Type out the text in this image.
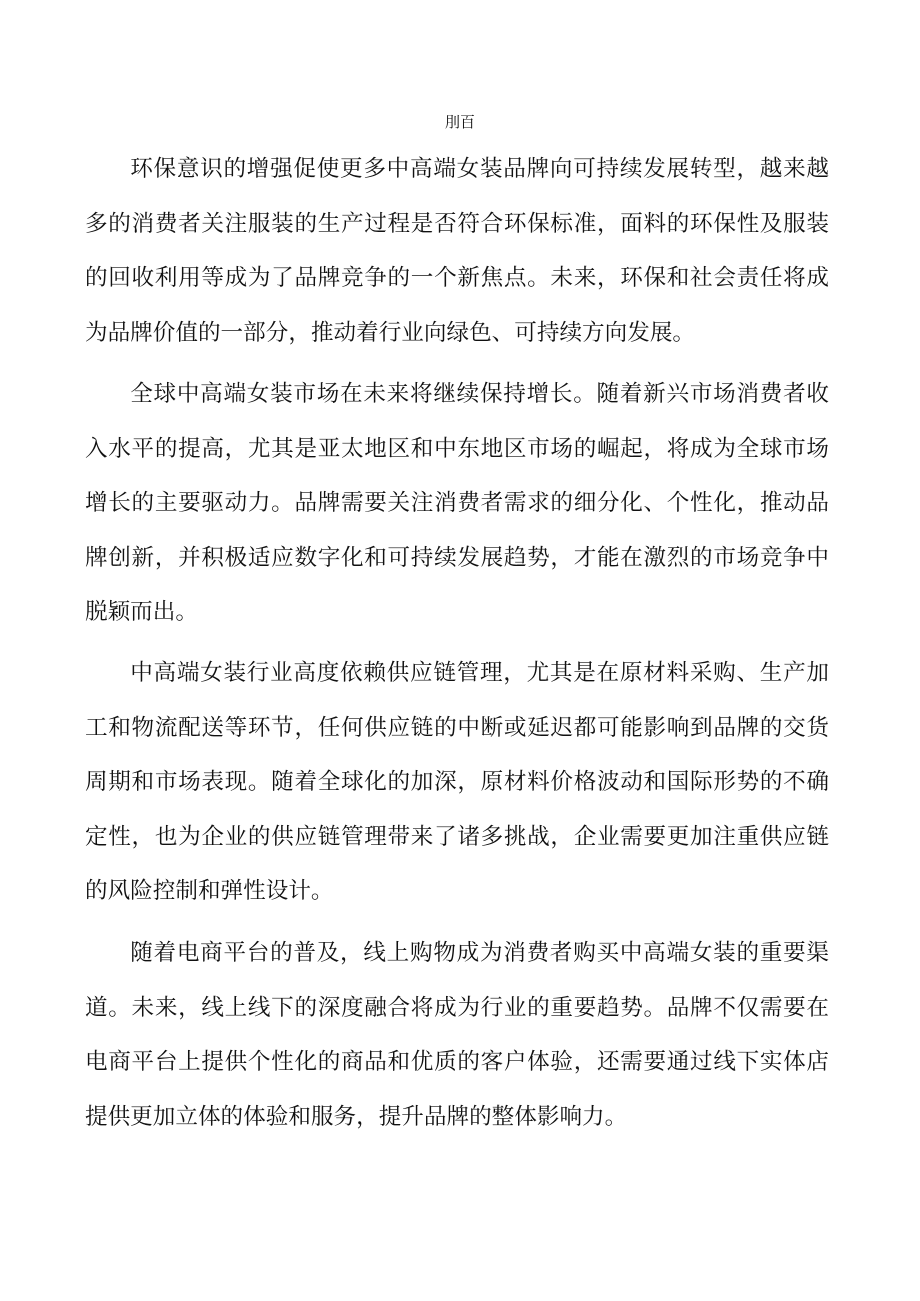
刖百

环保意识的增强促使更多中高端女装品牌向可持续发展转型，越来越多的消费者关注服装的生产过程是否符合环保标准，面料的环保性及服装的回收利用等成为了品牌竞争的一个新焦点。未来，环保和社会责任将成为品牌价值的一部分，推动着行业向绿色、可持续方向发展。

全球中高端女装市场在未来将继续保持增长。随着新兴市场消费者收入水平的提高，尤其是亚太地区和中东地区市场的崛起，将成为全球市场增长的主要驱动力。品牌需要关注消费者需求的细分化、个性化，推动品牌创新，并积极适应数字化和可持续发展趋势，才能在激烈的市场竞争中脱颖而出。

中高端女装行业高度依赖供应链管理，尤其是在原材料采购、生产加工和物流配送等环节，任何供应链的中断或延迟都可能影响到品牌的交货周期和市场表现。随着全球化的加深，原材料价格波动和国际形势的不确定性，也为企业的供应链管理带来了诸多挑战，企业需要更加注重供应链的风险控制和弹性设计。

随着电商平台的普及，线上购物成为消费者购买中高端女装的重要渠道。未来，线上线下的深度融合将成为行业的重要趋势。品牌不仅需要在电商平台上提供个性化的商品和优质的客户体验，还需要通过线下实体店提供更加立体的体验和服务，提升品牌的整体影响力。
